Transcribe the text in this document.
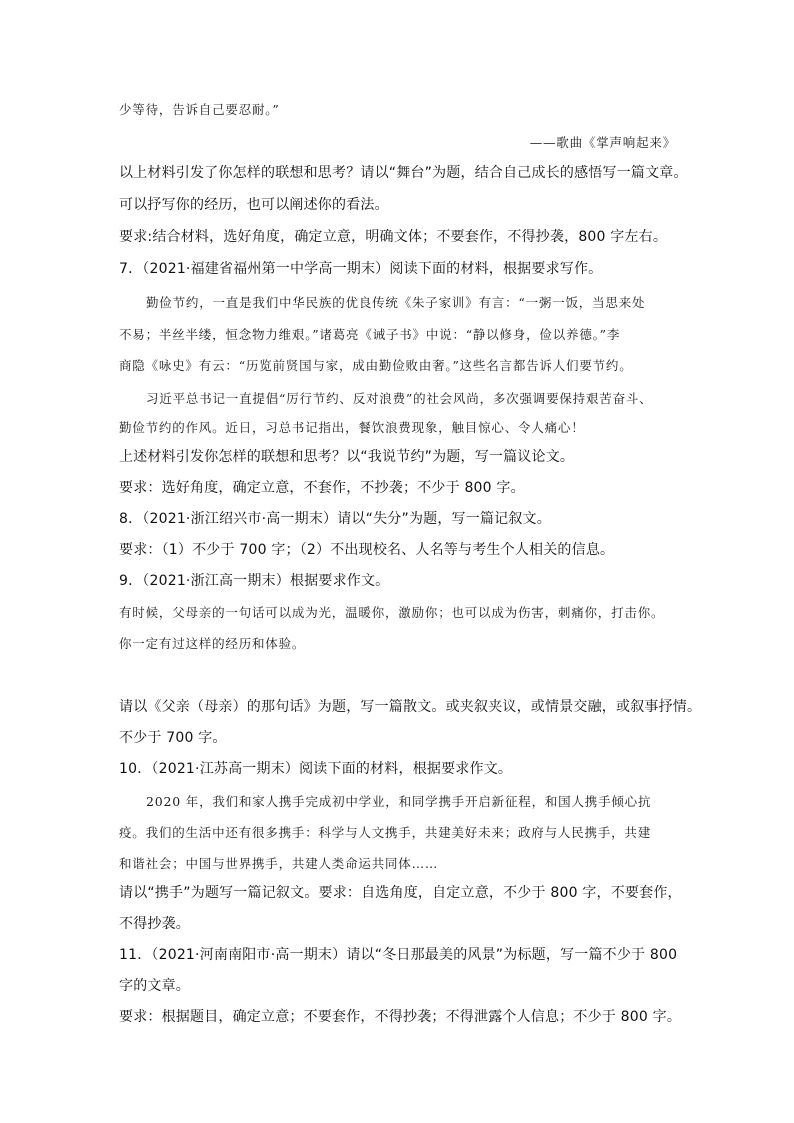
少等待，告诉自己要忍耐。”
——歌曲《掌声响起来》
以上材料引发了你怎样的联想和思考？请以“舞台”为题，结合自己成长的感悟写一篇文章。
可以抒写你的经历，也可以阐述你的看法。
要求:结合材料，选好角度，确定立意，明确文体；不要套作，不得抄袭，800 字左右。
7．（2021·福建省福州第一中学高一期末）阅读下面的材料，根据要求写作。
勤俭节约，一直是我们中华民族的优良传统《朱子家训》有言：“一粥一饭，当思来处
不易；半丝半缕，恒念物力维艰。”诸葛亮《诫子书》中说：“静以修身，俭以养德。”李
商隐《咏史》有云：“历览前贤国与家，成由勤俭败由奢。”这些名言都告诉人们要节约。
习近平总书记一直提倡“厉行节约、反对浪费”的社会风尚，多次强调要保持艰苦奋斗、
勤俭节约的作风。近日，习总书记指出，餐饮浪费现象，触目惊心、令人痛心！
上述材料引发你怎样的联想和思考？以“我说节约”为题，写一篇议论文。
要求：选好角度，确定立意，不套作，不抄袭；不少于 800 字。
8．（2021·浙江绍兴市·高一期末）请以“失分”为题，写一篇记叙文。
要求：（1）不少于 700 字；（2）不出现校名、人名等与考生个人相关的信息。
9．（2021·浙江高一期末）根据要求作文。
有时候，父母亲的一句话可以成为光，温暖你，激励你；也可以成为伤害，刺痛你，打击你。
你一定有过这样的经历和体验。
请以《父亲（母亲）的那句话》为题，写一篇散文。或夹叙夹议，或情景交融，或叙事抒情。
不少于 700 字。
10．（2021·江苏高一期末）阅读下面的材料，根据要求作文。
2020 年，我们和家人携手完成初中学业，和同学携手开启新征程，和国人携手倾心抗
疫。我们的生活中还有很多携手：科学与人文携手，共建美好未来；政府与人民携手，共建
和谐社会；中国与世界携手，共建人类命运共同体……
请以“携手”为题写一篇记叙文。要求：自选角度，自定立意，不少于 800 字，不要套作，
不得抄袭。
11．（2021·河南南阳市·高一期末）请以“冬日那最美的风景”为标题，写一篇不少于 800
字的文章。
要求：根据题目，确定立意；不要套作，不得抄袭；不得泄露个人信息；不少于 800 字。
